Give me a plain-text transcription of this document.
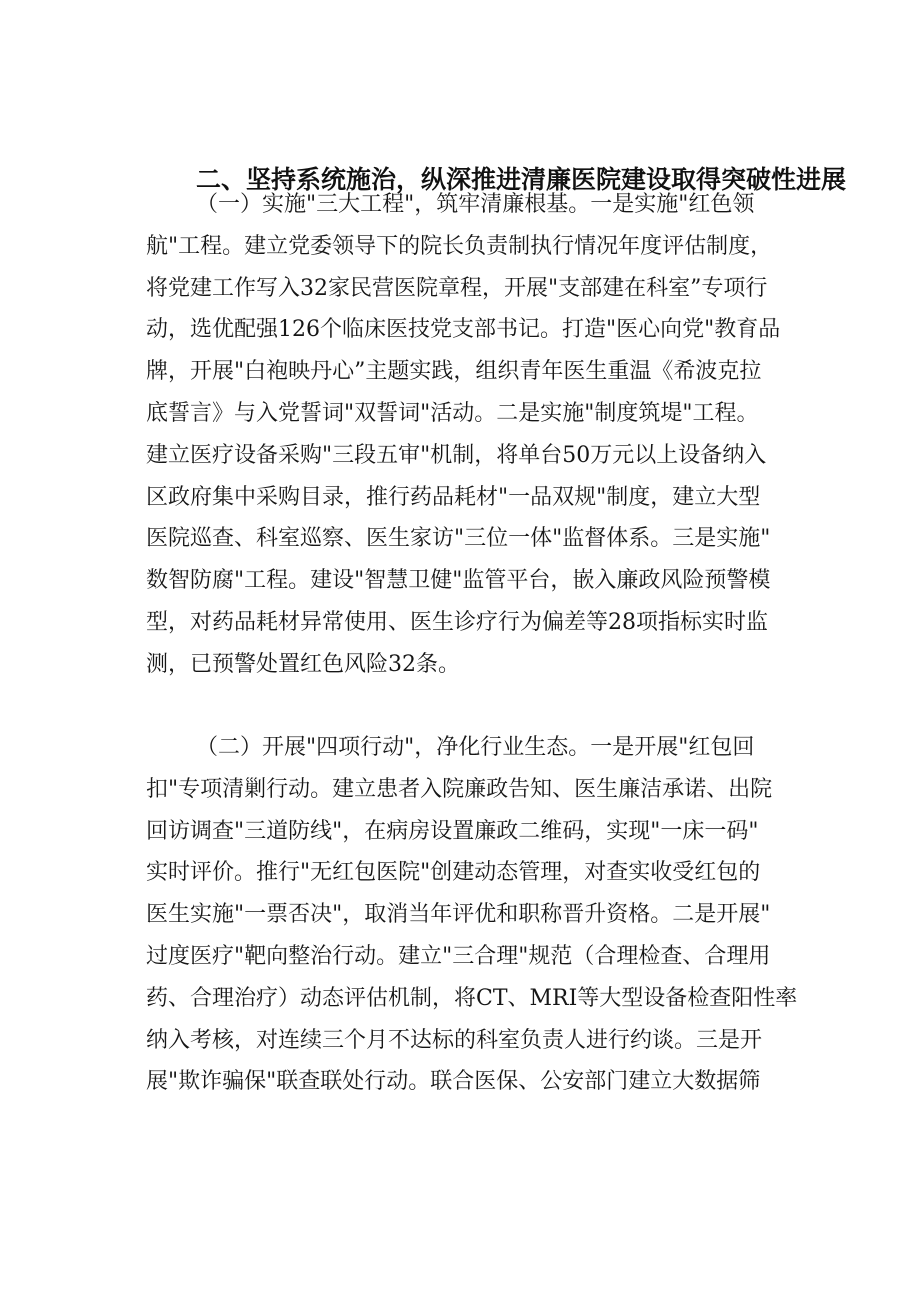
二、坚持系统施治，纵深推进清廉医院建设取得突破性进展
（一）实施"三大工程"，筑牢清廉根基。一是实施"红色领
航"工程。建立党委领导下的院长负责制执行情况年度评估制度，
将党建工作写入32家民营医院章程，开展"支部建在科室”专项行
动，选优配强126个临床医技党支部书记。打造"医心向党"教育品
牌，开展"白袍映丹心”主题实践，组织青年医生重温《希波克拉
底誓言》与入党誓词"双誓词"活动。二是实施"制度筑堤"工程。
建立医疗设备采购"三段五审"机制，将单台50万元以上设备纳入
区政府集中采购目录，推行药品耗材"一品双规"制度，建立大型
医院巡查、科室巡察、医生家访"三位一体"监督体系。三是实施"
数智防腐"工程。建设"智慧卫健"监管平台，嵌入廉政风险预警模
型，对药品耗材异常使用、医生诊疗行为偏差等28项指标实时监
测，已预警处置红色风险32条。
（二）开展"四项行动"，净化行业生态。一是开展"红包回
扣"专项清剿行动。建立患者入院廉政告知、医生廉洁承诺、出院
回访调查"三道防线"，在病房设置廉政二维码，实现"一床一码"
实时评价。推行"无红包医院"创建动态管理，对查实收受红包的
医生实施"一票否决"，取消当年评优和职称晋升资格。二是开展"
过度医疗"靶向整治行动。建立"三合理"规范（合理检查、合理用
药、合理治疗）动态评估机制，将CT、MRI等大型设备检查阳性率
纳入考核，对连续三个月不达标的科室负责人进行约谈。三是开
展"欺诈骗保"联查联处行动。联合医保、公安部门建立大数据筛
